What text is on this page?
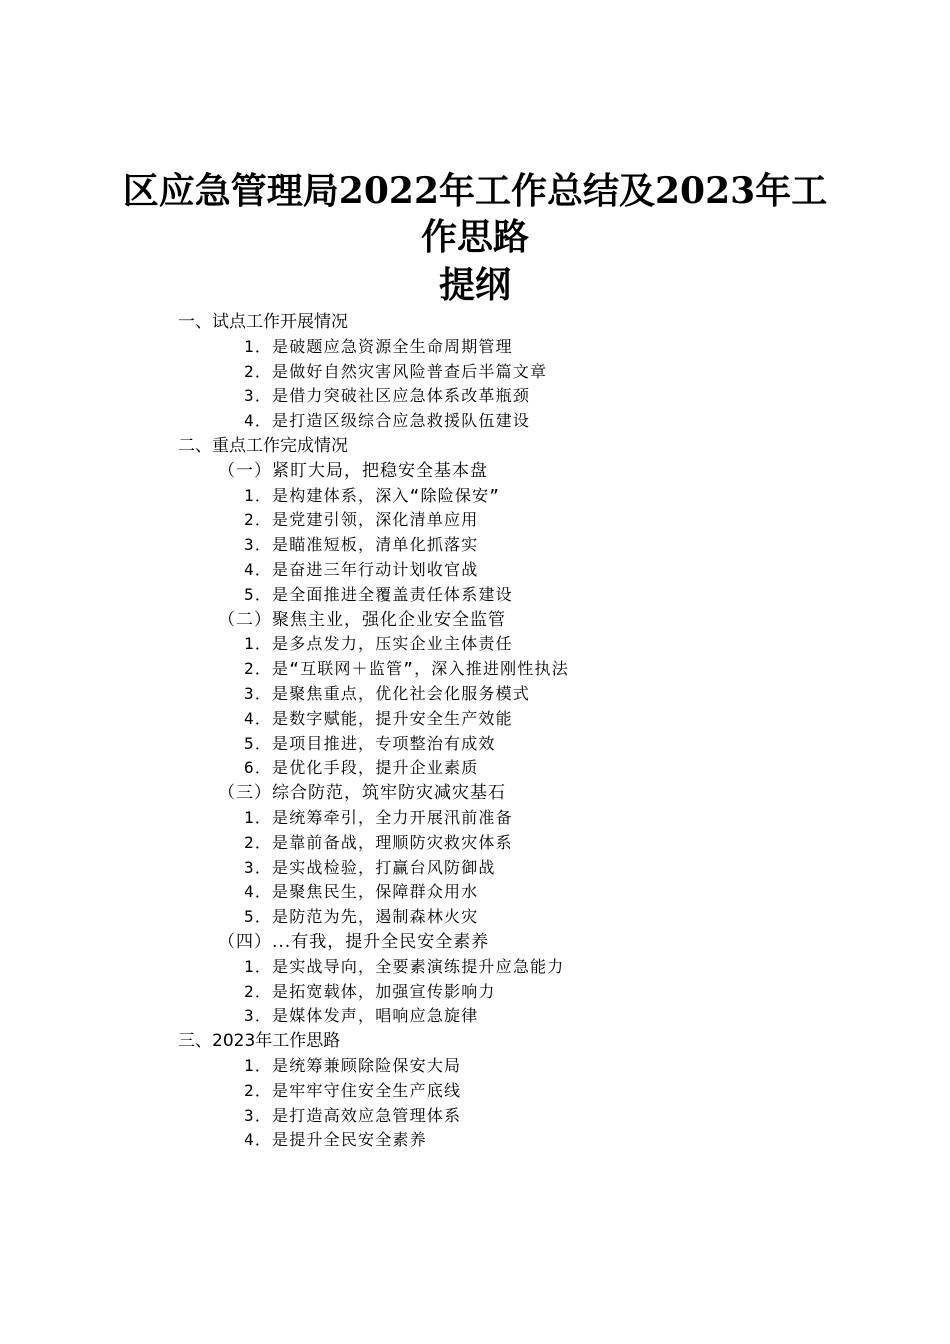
区应急管理局2022年工作总结及2023年工
作思路
提纲
一、试点工作开展情况
1．是破题应急资源全生命周期管理
2．是做好自然灾害风险普查后半篇文章
3．是借力突破社区应急体系改革瓶颈
4．是打造区级综合应急救援队伍建设
二、重点工作完成情况
（一）紧盯大局，把稳安全基本盘
1．是构建体系，深入“除险保安”
2．是党建引领，深化清单应用
3．是瞄准短板，清单化抓落实
4．是奋进三年行动计划收官战
5．是全面推进全覆盖责任体系建设
（二）聚焦主业，强化企业安全监管
1．是多点发力，压实企业主体责任
2．是“互联网＋监管”，深入推进刚性执法
3．是聚焦重点，优化社会化服务模式
4．是数字赋能，提升安全生产效能
5．是项目推进，专项整治有成效
6．是优化手段，提升企业素质
（三）综合防范，筑牢防灾减灾基石
1．是统筹牵引，全力开展汛前准备
2．是靠前备战，理顺防灾救灾体系
3．是实战检验，打赢台风防御战
4．是聚焦民生，保障群众用水
5．是防范为先，遏制森林火灾
（四）...有我，提升全民安全素养
1．是实战导向，全要素演练提升应急能力
2．是拓宽载体，加强宣传影响力
3．是媒体发声，唱响应急旋律
三、2023年工作思路
1．是统筹兼顾除险保安大局
2．是牢牢守住安全生产底线
3．是打造高效应急管理体系
4．是提升全民安全素养
